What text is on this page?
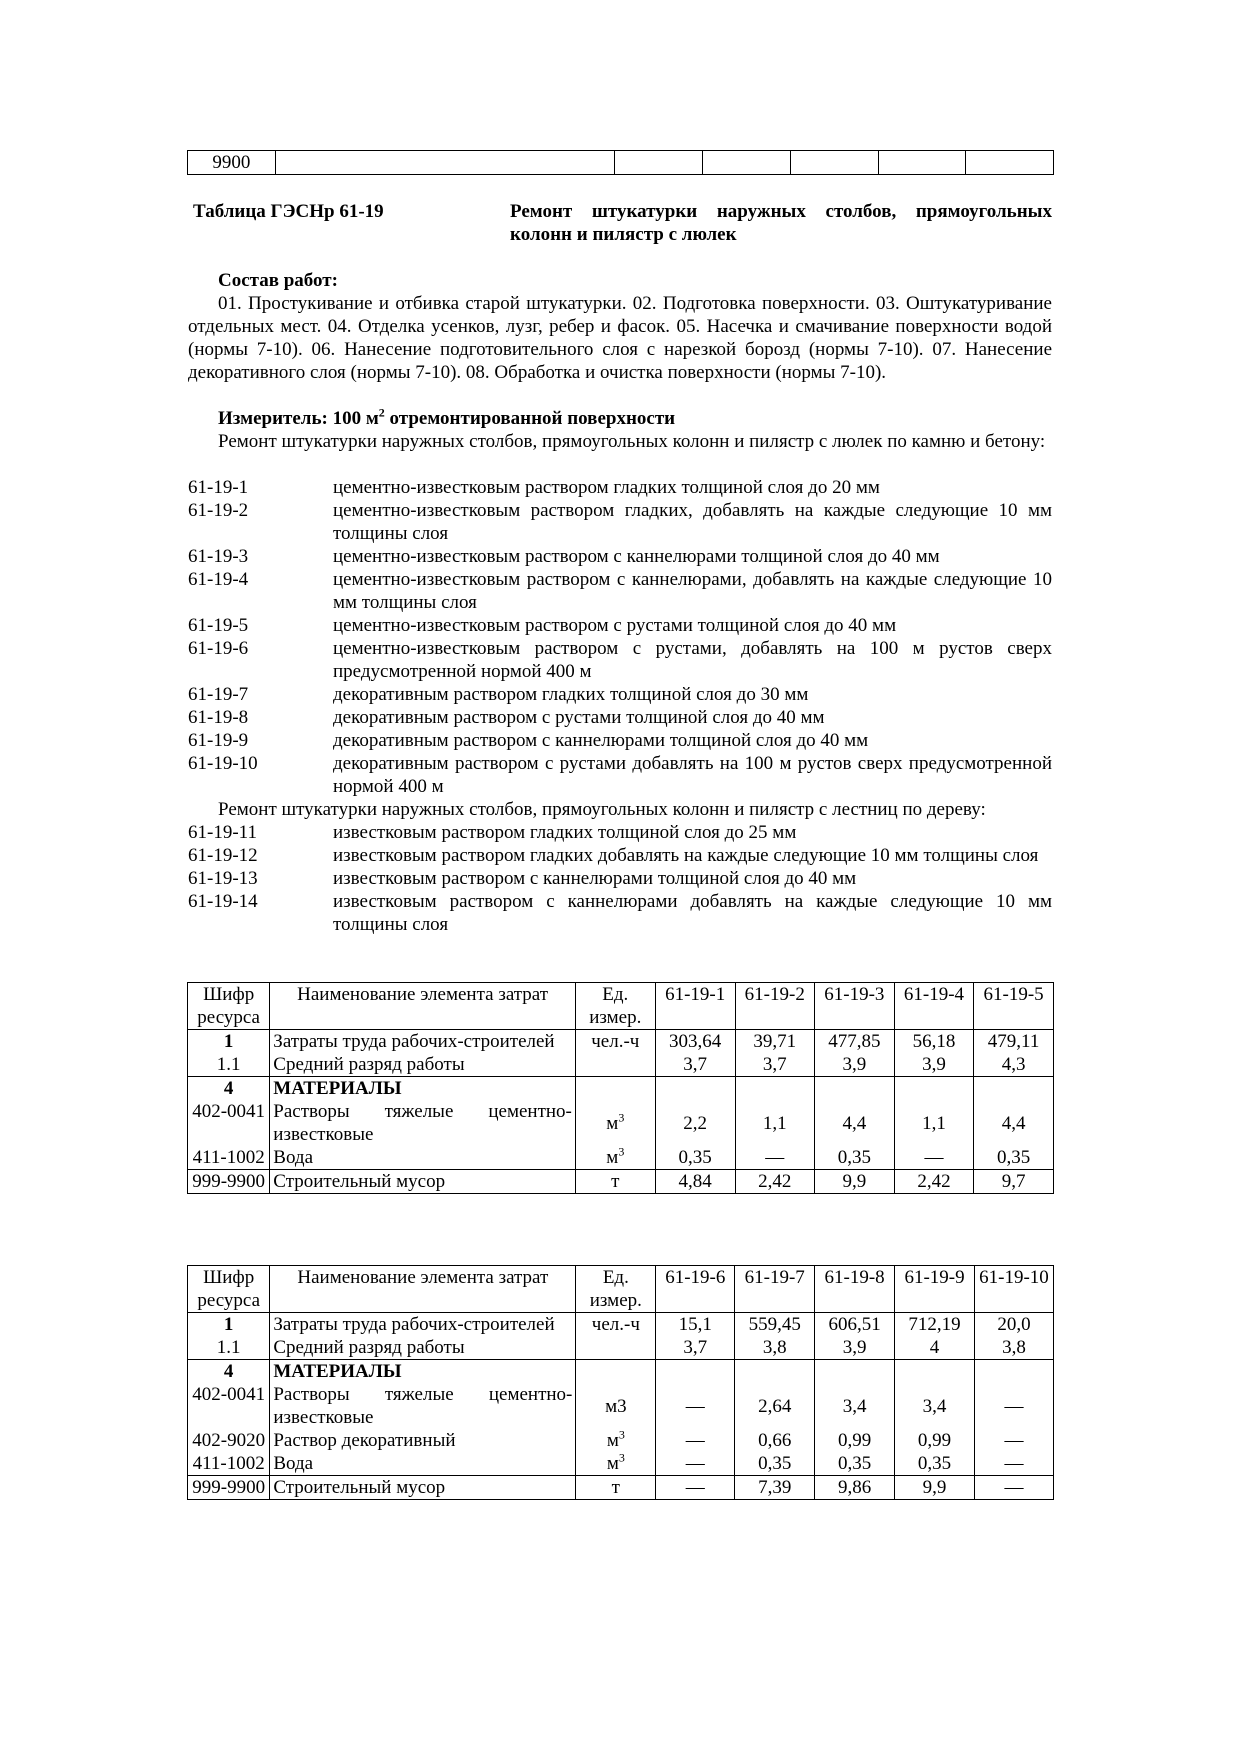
9900						
Таблица ГЭСНр 61-19	Ремонт штукатурки наружных столбов, прямоугольных колонн и пилястр с люлек
Состав работ:
01. Простукивание и отбивка старой штукатурки. 02. Подготовка поверхности. 03. Оштукатуривание отдельных мест. 04. Отделка усенков, лузг, ребер и фасок. 05. Насечка и смачивание поверхности водой (нормы 7-10). 06. Нанесение подготовительного слоя с нарезкой борозд (нормы 7-10). 07. Нанесение декоративного слоя (нормы 7-10). 08. Обработка и очистка поверхности (нормы 7-10).
Измеритель: 100 $м^2$ отремонтированной поверхности
Ремонт штукатурки наружных столбов, прямоугольных колонн и пилястр с люлек по камню и бетону:
61-19-1	цементно-известковым раствором гладких толщиной слоя до 20 мм
61-19-2	цементно-известковым раствором гладких, добавлять на каждые следующие 10 мм толщины слоя
61-19-3	цементно-известковым раствором с каннелюрами толщиной слоя до 40 мм
61-19-4	цементно-известковым раствором с каннелюрами, добавлять на каждые следующие 10 мм толщины слоя
61-19-5	цементно-известковым раствором с рустами толщиной слоя до 40 мм
61-19-6	цементно-известковым раствором с рустами, добавлять на 100 м рустов сверх предусмотренной нормой 400 м
61-19-7	декоративным раствором гладких толщиной слоя до 30 мм
61-19-8	декоративным раствором с рустами толщиной слоя до 40 мм
61-19-9	декоративным раствором с каннелюрами толщиной слоя до 40 мм
61-19-10	декоративным раствором с рустами добавлять на 100 м рустов сверх предусмотренной нормой 400 м
Ремонт штукатурки наружных столбов, прямоугольных колонн и пилястр с лестниц по дереву:
61-19-11	известковым раствором гладких толщиной слоя до 25 мм
61-19-12	известковым раствором гладких добавлять на каждые следующие 10 мм толщины слоя
61-19-13	известковым раствором с каннелюрами толщиной слоя до 40 мм
61-19-14	известковым раствором с каннелюрами добавлять на каждые следующие 10 мм толщины слоя
Шифр ресурса	Наименование элемента затрат	Ед. измер.	61-19-1	61-19-2	61-19-3	61-19-4	61-19-5
1	Затраты труда рабочих-строителей	чел.-ч	303,64	39,71	477,85	56,18	479,11
1.1	Средний разряд работы		3,7	3,7	3,9	3,9	4,3
4	МАТЕРИАЛЫ						
402-0041	Растворы тяжелые цементно-известковые	$м^3$	2,2	1,1	4,4	1,1	4,4
411-1002	Вода	$м^3$	0,35	—	0,35	—	0,35
999-9900	Строительный мусор	т	4,84	2,42	9,9	2,42	9,7
Шифр ресурса	Наименование элемента затрат	Ед. измер.	61-19-6	61-19-7	61-19-8	61-19-9	61-19-10
1	Затраты труда рабочих-строителей	чел.-ч	15,1	559,45	606,51	712,19	20,0
1.1	Средний разряд работы		3,7	3,8	3,9	4	3,8
4	МАТЕРИАЛЫ						
402-0041	Растворы тяжелые цементно-известковые	м3	—	2,64	3,4	3,4	—
402-9020	Раствор декоративный	$м^3$	—	0,66	0,99	0,99	—
411-1002	Вода	$м^3$	—	0,35	0,35	0,35	—
999-9900	Строительный мусор	т	—	7,39	9,86	9,9	—
